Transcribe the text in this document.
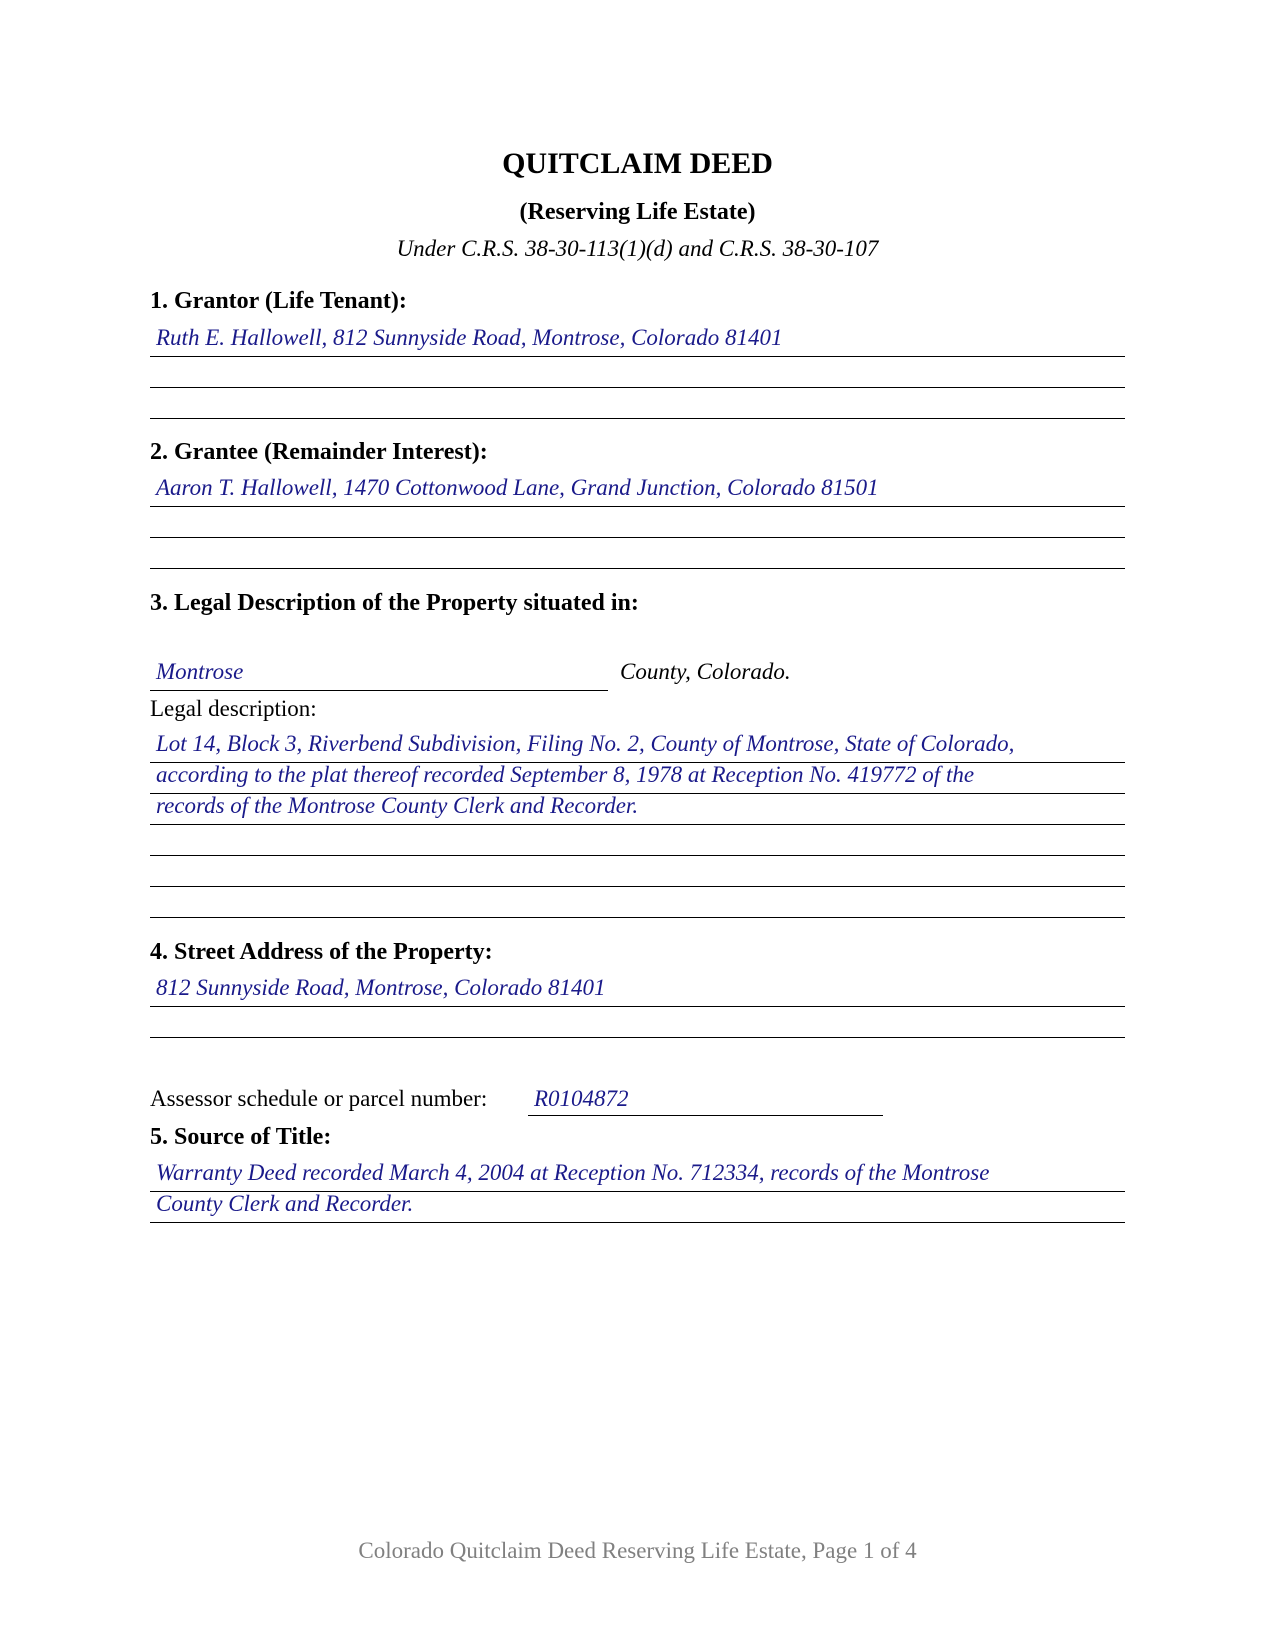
QUITCLAIM DEED
(Reserving Life Estate)
Under C.R.S. 38-30-113(1)(d) and C.R.S. 38-30-107
1. Grantor (Life Tenant):
Ruth E. Hallowell, 812 Sunnyside Road, Montrose, Colorado 81401
2. Grantee (Remainder Interest):
Aaron T. Hallowell, 1470 Cottonwood Lane, Grand Junction, Colorado 81501
3. Legal Description of the Property situated in:
Montrose	County, Colorado.
Legal description:
Lot 14, Block 3, Riverbend Subdivision, Filing No. 2, County of Montrose, State of Colorado,
according to the plat thereof recorded September 8, 1978 at Reception No. 419772 of the
records of the Montrose County Clerk and Recorder.
4. Street Address of the Property:
812 Sunnyside Road, Montrose, Colorado 81401
Assessor schedule or parcel number: R0104872
5. Source of Title:
Warranty Deed recorded March 4, 2004 at Reception No. 712334, records of the Montrose
County Clerk and Recorder.
Colorado Quitclaim Deed Reserving Life Estate, Page 1 of 4
